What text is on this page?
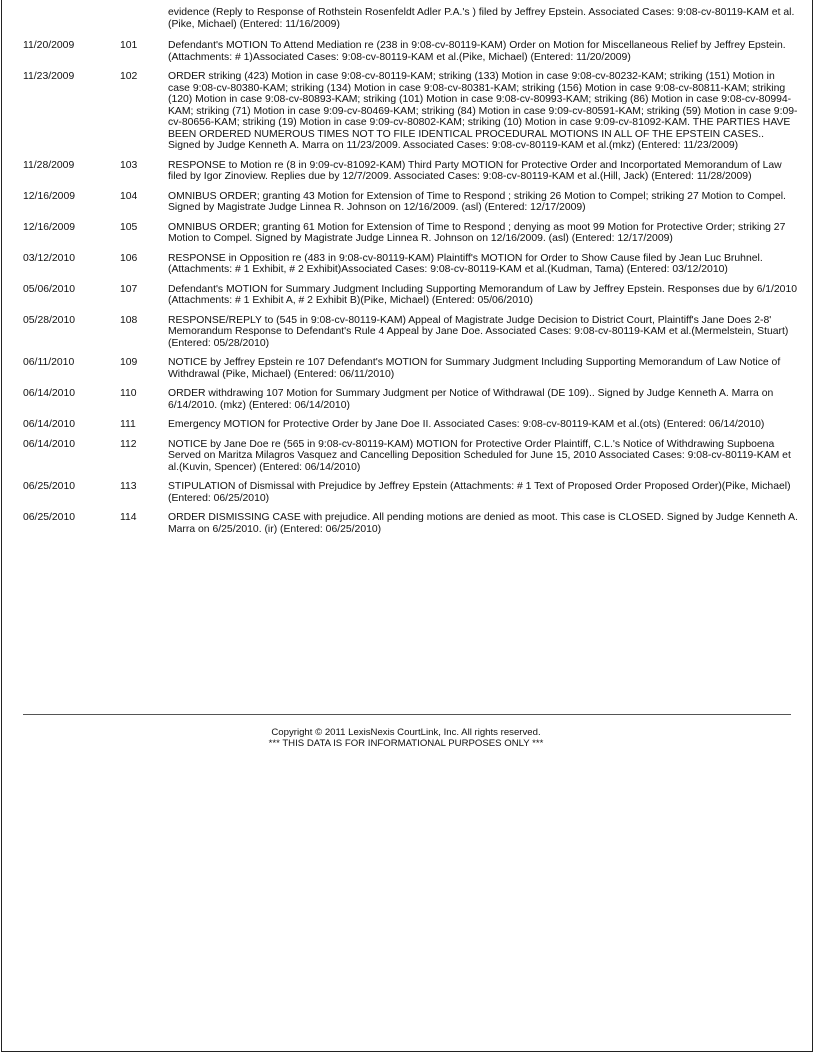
evidence (Reply to Response of Rothstein Rosenfeldt Adler P.A.'s ) filed by Jeffrey Epstein. Associated Cases: 9:08-cv-80119-KAM et al.(Pike, Michael) (Entered: 11/16/2009)
11/20/2009	101	Defendant's MOTION To Attend Mediation re (238 in 9:08-cv-80119-KAM) Order on Motion for Miscellaneous Relief by Jeffrey Epstein. (Attachments: # 1)Associated Cases: 9:08-cv-80119-KAM et al.(Pike, Michael) (Entered: 11/20/2009)
11/23/2009	102	ORDER striking (423) Motion in case 9:08-cv-80119-KAM; striking (133) Motion in case 9:08-cv-80232-KAM; striking (151) Motion in case 9:08-cv-80380-KAM; striking (134) Motion in case 9:08-cv-80381-KAM; striking (156) Motion in case 9:08-cv-80811-KAM; striking (120) Motion in case 9:08-cv-80893-KAM; striking (101) Motion in case 9:08-cv-80993-KAM; striking (86) Motion in case 9:08-cv-80994-KAM; striking (71) Motion in case 9:09-cv-80469-KAM; striking (84) Motion in case 9:09-cv-80591-KAM; striking (59) Motion in case 9:09-cv-80656-KAM; striking (19) Motion in case 9:09-cv-80802-KAM; striking (10) Motion in case 9:09-cv-81092-KAM. THE PARTIES HAVE BEEN ORDERED NUMEROUS TIMES NOT TO FILE IDENTICAL PROCEDURAL MOTIONS IN ALL OF THE EPSTEIN CASES.. Signed by Judge Kenneth A. Marra on 11/23/2009. Associated Cases: 9:08-cv-80119-KAM et al.(mkz) (Entered: 11/23/2009)
11/28/2009	103	RESPONSE to Motion re (8 in 9:09-cv-81092-KAM) Third Party MOTION for Protective Order and Incorportated Memorandum of Law filed by Igor Zinoview. Replies due by 12/7/2009. Associated Cases: 9:08-cv-80119-KAM et al.(Hill, Jack) (Entered: 11/28/2009)
12/16/2009	104	OMNIBUS ORDER; granting 43 Motion for Extension of Time to Respond ; striking 26 Motion to Compel; striking 27 Motion to Compel. Signed by Magistrate Judge Linnea R. Johnson on 12/16/2009. (asl) (Entered: 12/17/2009)
12/16/2009	105	OMNIBUS ORDER; granting 61 Motion for Extension of Time to Respond ; denying as moot 99 Motion for Protective Order; striking 27 Motion to Compel. Signed by Magistrate Judge Linnea R. Johnson on 12/16/2009. (asl) (Entered: 12/17/2009)
03/12/2010	106	RESPONSE in Opposition re (483 in 9:08-cv-80119-KAM) Plaintiff's MOTION for Order to Show Cause filed by Jean Luc Bruhnel. (Attachments: # 1 Exhibit, # 2 Exhibit)Associated Cases: 9:08-cv-80119-KAM et al.(Kudman, Tama) (Entered: 03/12/2010)
05/06/2010	107	Defendant's MOTION for Summary Judgment Including Supporting Memorandum of Law by Jeffrey Epstein. Responses due by 6/1/2010 (Attachments: # 1 Exhibit A, # 2 Exhibit B)(Pike, Michael) (Entered: 05/06/2010)
05/28/2010	108	RESPONSE/REPLY to (545 in 9:08-cv-80119-KAM) Appeal of Magistrate Judge Decision to District Court, Plaintiff's Jane Does 2-8' Memorandum Response to Defendant's Rule 4 Appeal by Jane Doe. Associated Cases: 9:08-cv-80119-KAM et al.(Mermelstein, Stuart) (Entered: 05/28/2010)
06/11/2010	109	NOTICE by Jeffrey Epstein re 107 Defendant's MOTION for Summary Judgment Including Supporting Memorandum of Law Notice of Withdrawal (Pike, Michael) (Entered: 06/11/2010)
06/14/2010	110	ORDER withdrawing 107 Motion for Summary Judgment per Notice of Withdrawal (DE 109).. Signed by Judge Kenneth A. Marra on 6/14/2010. (mkz) (Entered: 06/14/2010)
06/14/2010	111	Emergency MOTION for Protective Order by Jane Doe II. Associated Cases: 9:08-cv-80119-KAM et al.(ots) (Entered: 06/14/2010)
06/14/2010	112	NOTICE by Jane Doe re (565 in 9:08-cv-80119-KAM) MOTION for Protective Order Plaintiff, C.L.'s Notice of Withdrawing Supboena Served on Maritza Milagros Vasquez and Cancelling Deposition Scheduled for June 15, 2010 Associated Cases: 9:08-cv-80119-KAM et al.(Kuvin, Spencer) (Entered: 06/14/2010)
06/25/2010	113	STIPULATION of Dismissal with Prejudice by Jeffrey Epstein (Attachments: # 1 Text of Proposed Order Proposed Order)(Pike, Michael) (Entered: 06/25/2010)
06/25/2010	114	ORDER DISMISSING CASE with prejudice. All pending motions are denied as moot. This case is CLOSED. Signed by Judge Kenneth A. Marra on 6/25/2010. (ir) (Entered: 06/25/2010)
Copyright © 2011 LexisNexis CourtLink, Inc. All rights reserved.
*** THIS DATA IS FOR INFORMATIONAL PURPOSES ONLY ***
